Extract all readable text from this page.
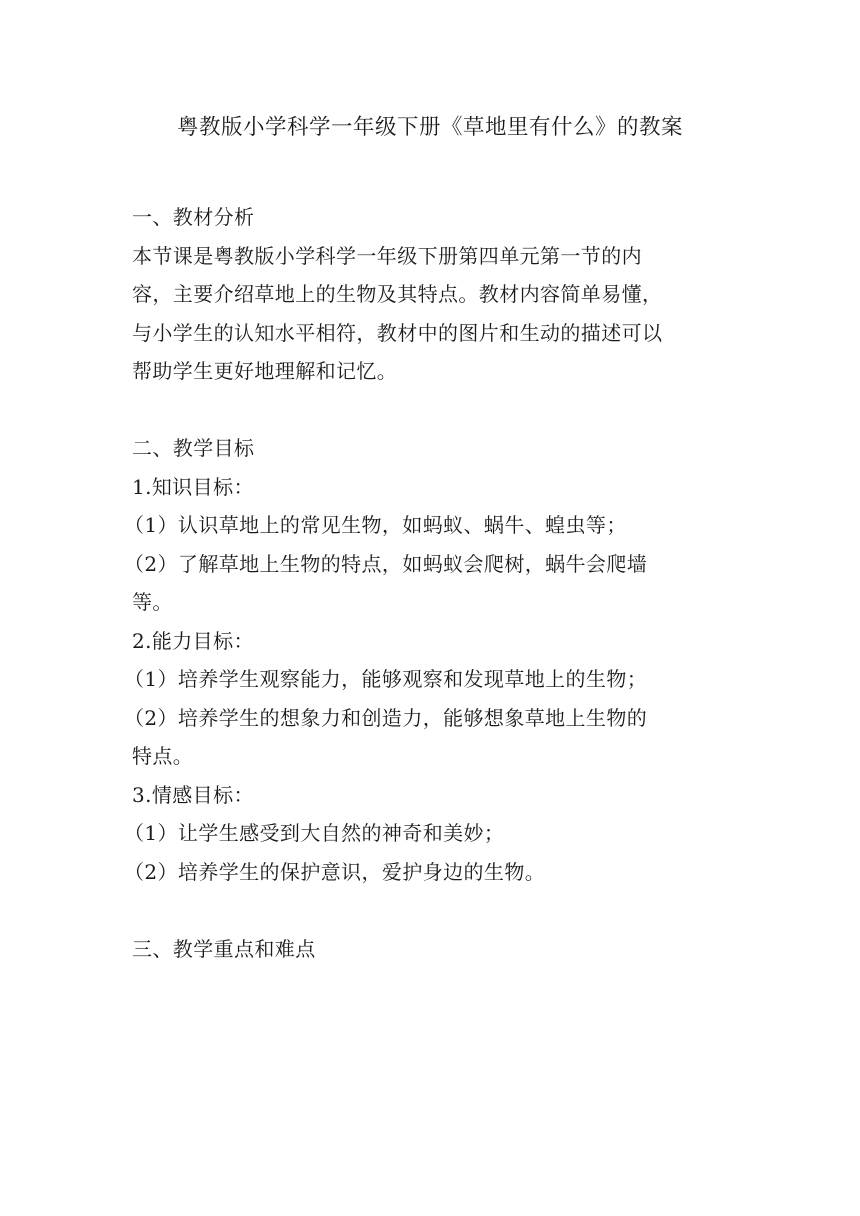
粤教版小学科学一年级下册《草地里有什么》的教案
一、教材分析
本节课是粤教版小学科学一年级下册第四单元第一节的内
容，主要介绍草地上的生物及其特点。教材内容简单易懂，
与小学生的认知水平相符，教材中的图片和生动的描述可以
帮助学生更好地理解和记忆。
二、教学目标
1.知识目标：
（1）认识草地上的常见生物，如蚂蚁、蜗牛、蝗虫等；
（2）了解草地上生物的特点，如蚂蚁会爬树，蜗牛会爬墙
等。
2.能力目标：
（1）培养学生观察能力，能够观察和发现草地上的生物；
（2）培养学生的想象力和创造力，能够想象草地上生物的
特点。
3.情感目标：
（1）让学生感受到大自然的神奇和美妙；
（2）培养学生的保护意识，爱护身边的生物。
三、教学重点和难点
